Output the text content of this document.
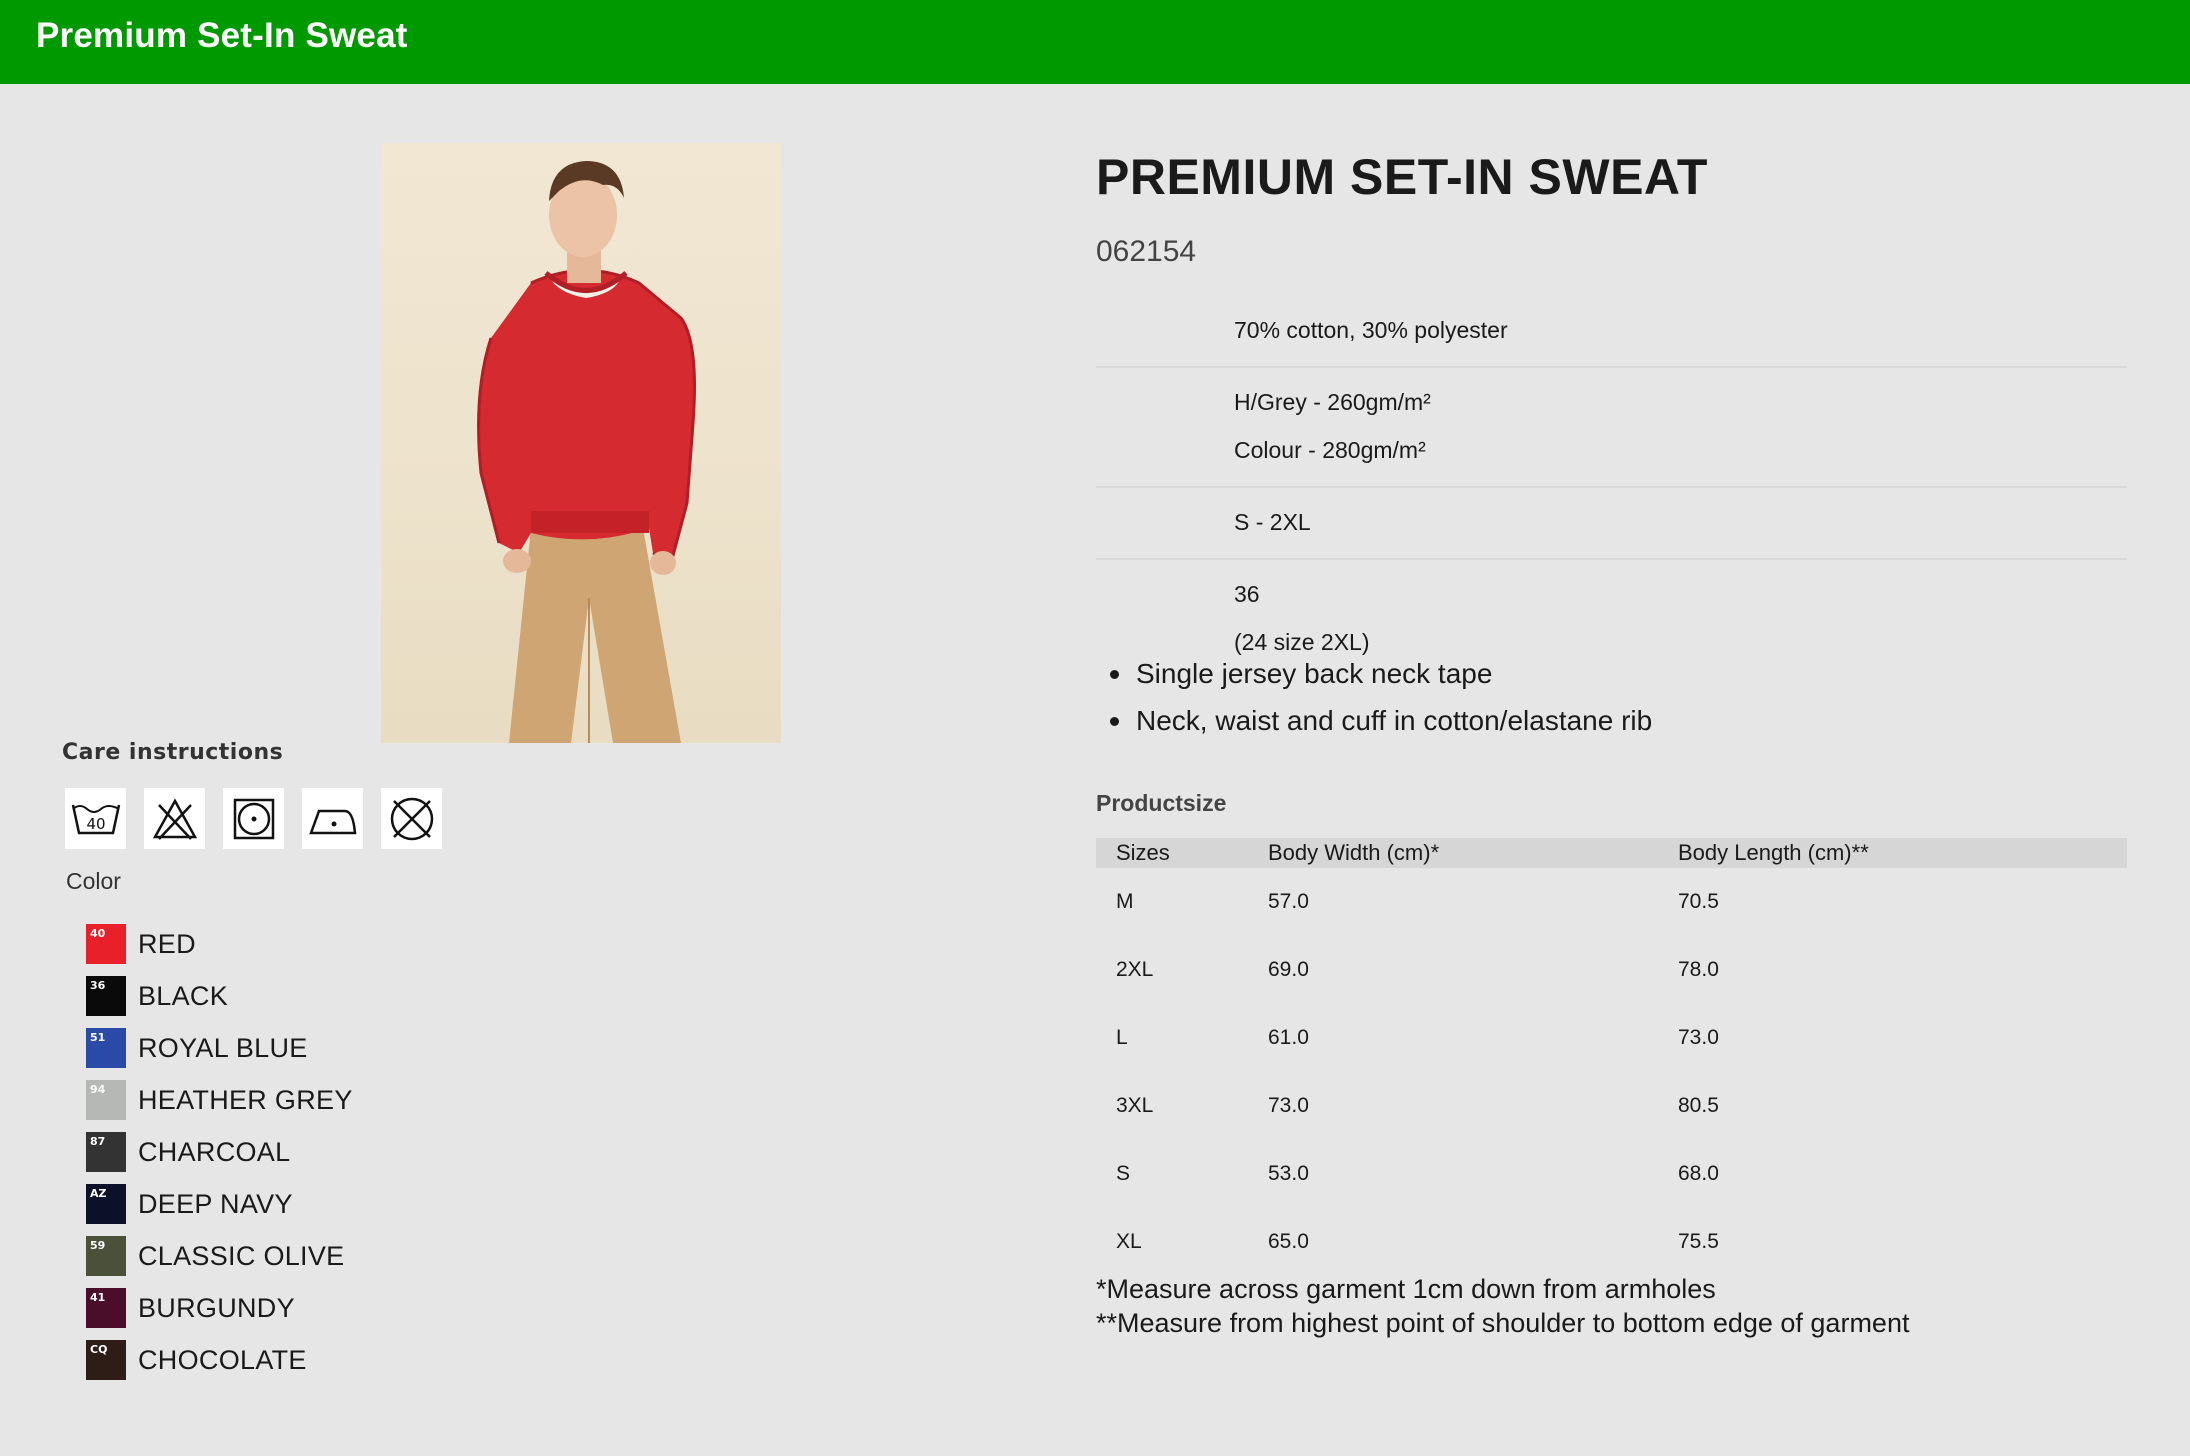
Premium Set-In Sweat
Care instructions
40
Color
40 RED
36 BLACK
51 ROYAL BLUE
94 HEATHER GREY
87 CHARCOAL
AZ DEEP NAVY
59 CLASSIC OLIVE
41 BURGUNDY
CQ CHOCOLATE
PREMIUM SET-IN SWEAT
062154
70% cotton, 30% polyester
H/Grey - 260gm/m²
Colour - 280gm/m²
S - 2XL
36
(24 size 2XL)
Single jersey back neck tape
Neck, waist and cuff in cotton/elastane rib
Productsize
Sizes	Body Width (cm)*	Body Length (cm)**
M	57.0	70.5
2XL	69.0	78.0
L	61.0	73.0
3XL	73.0	80.5
S	53.0	68.0
XL	65.0	75.5
*Measure across garment 1cm down from armholes
**Measure from highest point of shoulder to bottom edge of garment
